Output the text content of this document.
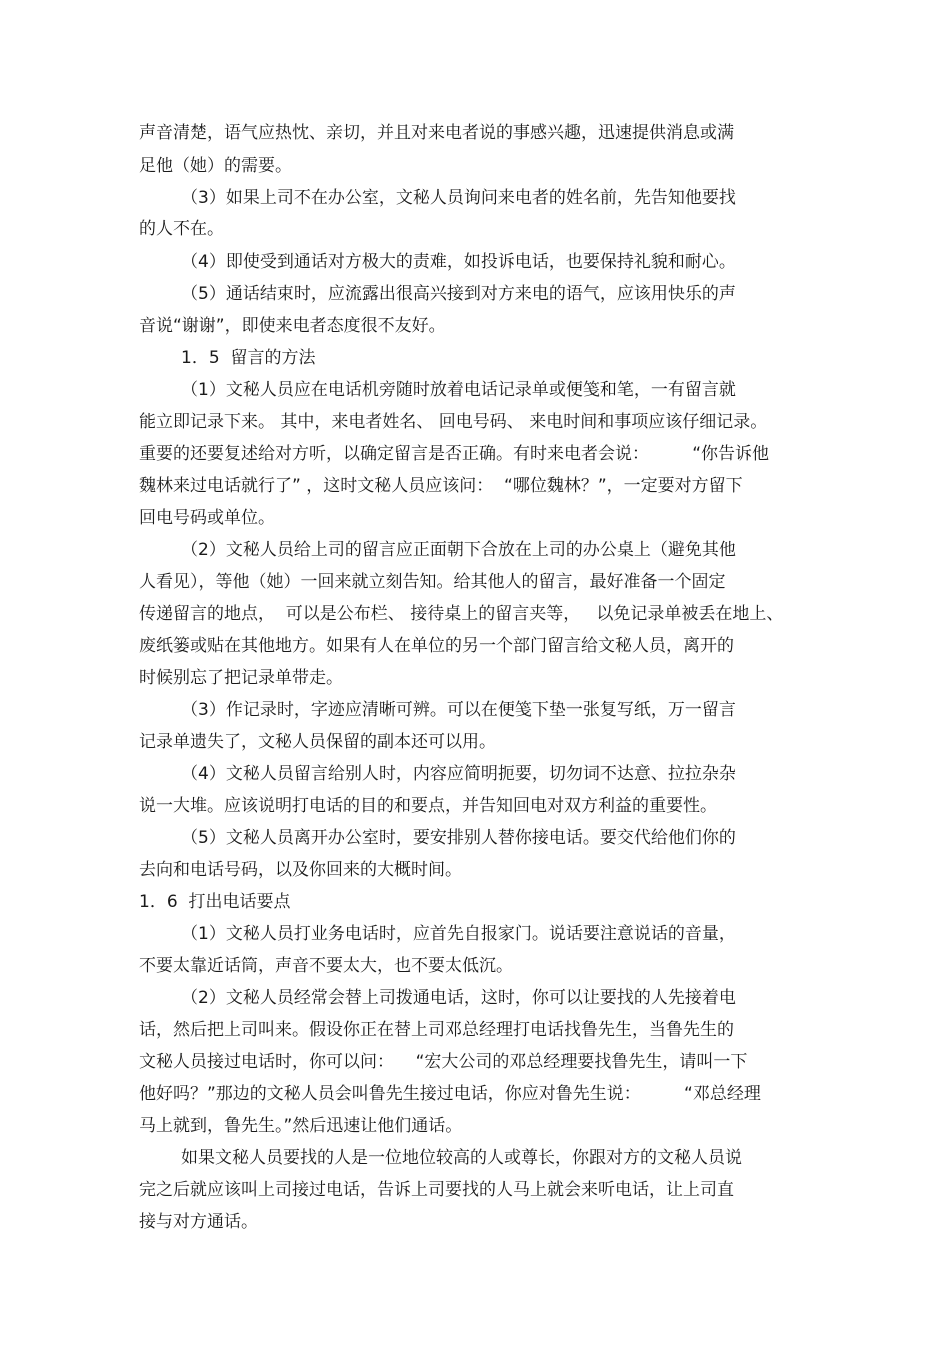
声音清楚，语气应热忱、亲切，并且对来电者说的事感兴趣，迅速提供消息或满

足他（她）的需要。

（3）如果上司不在办公室，文秘人员询问来电者的姓名前，先告知他要找

的人不在。

（4）即使受到通话对方极大的责难，如投诉电话，也要保持礼貌和耐心。

（5）通话结束时，应流露出很高兴接到对方来电的语气，应该用快乐的声

音说“谢谢”，即使来电者态度很不友好。

1．5  留言的方法

（1）文秘人员应在电话机旁随时放着电话记录单或便笺和笔，一有留言就

能立即记录下来。 其中，来电者姓名、 回电号码、 来电时间和事项应该仔细记录。

重要的还要复述给对方听，以确定留言是否正确。有时来电者会说：        “你告诉他

魏林来过电话就行了” ，这时文秘人员应该问：  “哪位魏林？”，一定要对方留下

回电号码或单位。

（2）文秘人员给上司的留言应正面朝下合放在上司的办公桌上（避免其他

人看见），等他（她）一回来就立刻告知。给其他人的留言，最好准备一个固定

传递留言的地点，  可以是公布栏、 接待桌上的留言夹等，   以免记录单被丢在地上、

废纸篓或贴在其他地方。如果有人在单位的另一个部门留言给文秘人员，离开的

时候别忘了把记录单带走。

（3）作记录时，字迹应清晰可辨。可以在便笺下垫一张复写纸，万一留言

记录单遗失了，文秘人员保留的副本还可以用。

（4）文秘人员留言给别人时，内容应简明扼要，切勿词不达意、拉拉杂杂

说一大堆。应该说明打电话的目的和要点，并告知回电对双方利益的重要性。

（5）文秘人员离开办公室时，要安排别人替你接电话。要交代给他们你的

去向和电话号码，以及你回来的大概时间。

1．6  打出电话要点

（1）文秘人员打业务电话时，应首先自报家门。说话要注意说话的音量，

不要太靠近话筒，声音不要太大，也不要太低沉。

（2）文秘人员经常会替上司拨通电话，这时，你可以让要找的人先接着电

话，然后把上司叫来。假设你正在替上司邓总经理打电话找鲁先生，当鲁先生的

文秘人员接过电话时，你可以问：    “宏大公司的邓总经理要找鲁先生，请叫一下

他好吗？”那边的文秘人员会叫鲁先生接过电话，你应对鲁先生说：        “邓总经理

马上就到，鲁先生。”然后迅速让他们通话。

如果文秘人员要找的人是一位地位较高的人或尊长，你跟对方的文秘人员说

完之后就应该叫上司接过电话，告诉上司要找的人马上就会来听电话，让上司直

接与对方通话。
